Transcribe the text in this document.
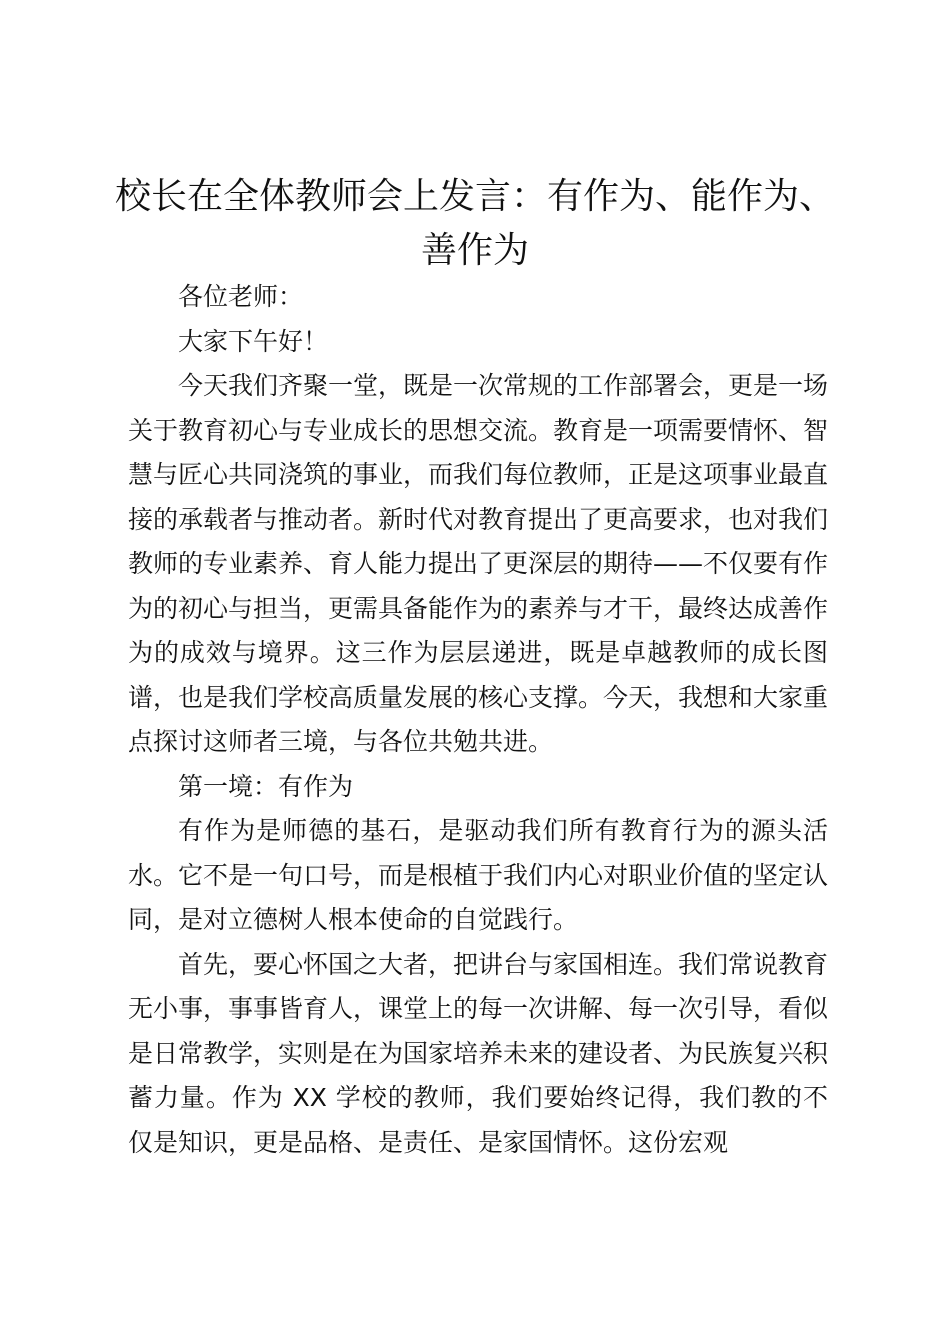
校长在全体教师会上发言：有作为、能作为、善作为

各位老师：

大家下午好！

今天我们齐聚一堂，既是一次常规的工作部署会，更是一场关于教育初心与专业成长的思想交流。教育是一项需要情怀、智慧与匠心共同浇筑的事业，而我们每位教师，正是这项事业最直接的承载者与推动者。新时代对教育提出了更高要求，也对我们教师的专业素养、育人能力提出了更深层的期待——不仅要有作为的初心与担当，更需具备能作为的素养与才干，最终达成善作为的成效与境界。这三作为层层递进，既是卓越教师的成长图谱，也是我们学校高质量发展的核心支撑。今天，我想和大家重点探讨这师者三境，与各位共勉共进。

第一境：有作为

有作为是师德的基石，是驱动我们所有教育行为的源头活水。它不是一句口号，而是根植于我们内心对职业价值的坚定认同，是对立德树人根本使命的自觉践行。

首先，要心怀国之大者，把讲台与家国相连。我们常说教育无小事，事事皆育人，课堂上的每一次讲解、每一次引导，看似是日常教学，实则是在为国家培养未来的建设者、为民族复兴积蓄力量。作为 XX 学校的教师，我们要始终记得，我们教的不仅是知识，更是品格、是责任、是家国情怀。这份宏观
